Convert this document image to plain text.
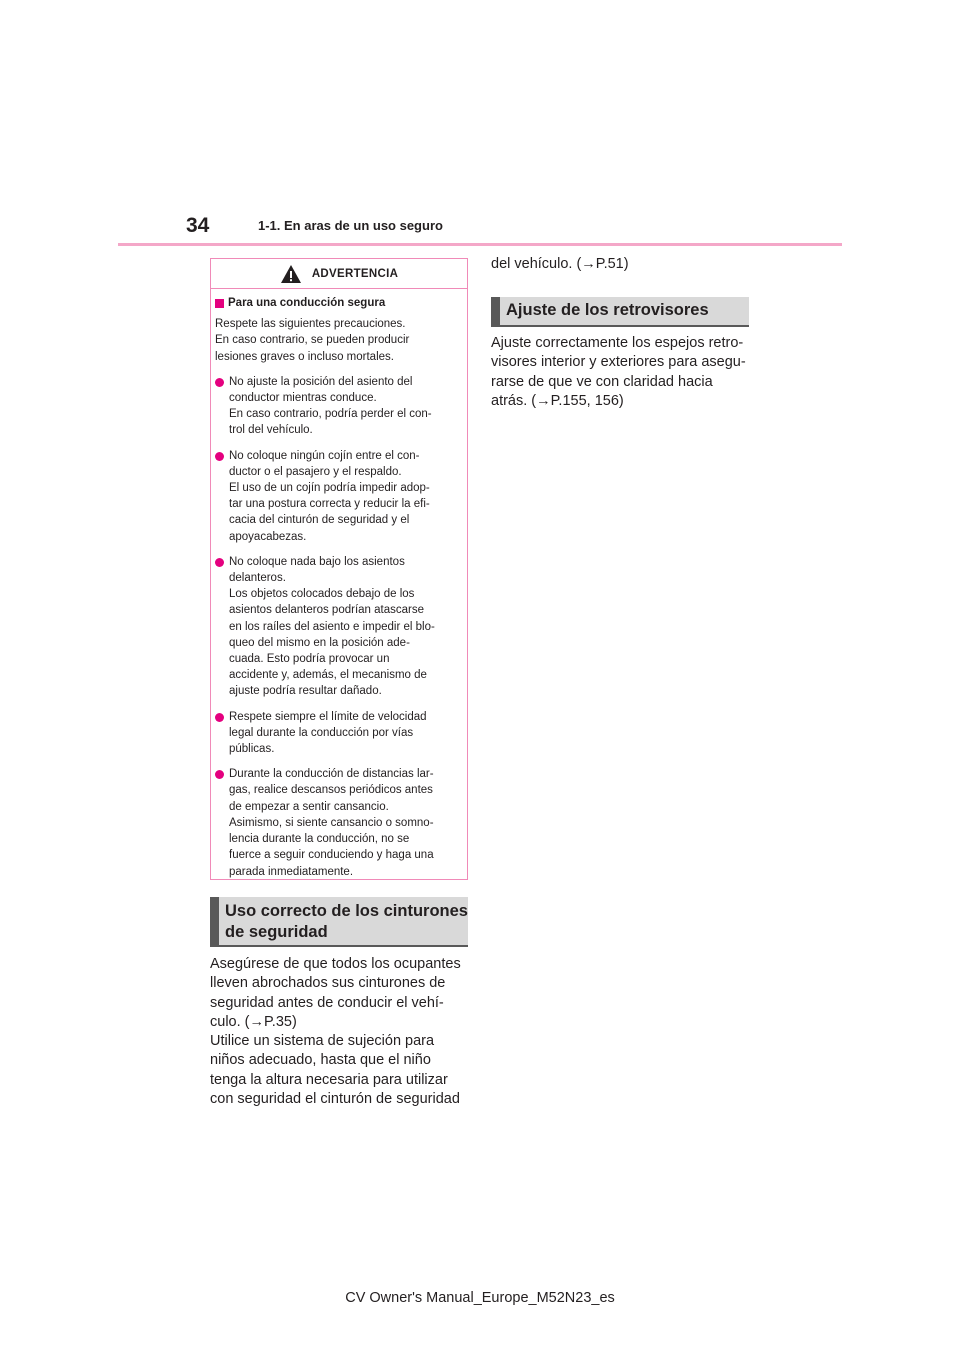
34	1-1. En aras de un uso seguro
ADVERTENCIA
Para una conducción segura
Respete las siguientes precauciones.
En caso contrario, se pueden producir
lesiones graves o incluso mortales.
No ajuste la posición del asiento del
conductor mientras conduce.
En caso contrario, podría perder el con-
trol del vehículo.
No coloque ningún cojín entre el con-
ductor o el pasajero y el respaldo.
El uso de un cojín podría impedir adop-
tar una postura correcta y reducir la efi-
cacia del cinturón de seguridad y el
apoyacabezas.
No coloque nada bajo los asientos
delanteros.
Los objetos colocados debajo de los
asientos delanteros podrían atascarse
en los raíles del asiento e impedir el blo-
queo del mismo en la posición ade-
cuada. Esto podría provocar un
accidente y, además, el mecanismo de
ajuste podría resultar dañado.
Respete siempre el límite de velocidad
legal durante la conducción por vías
públicas.
Durante la conducción de distancias lar-
gas, realice descansos periódicos antes
de empezar a sentir cansancio.
Asimismo, si siente cansancio o somno-
lencia durante la conducción, no se
fuerce a seguir conduciendo y haga una
parada inmediatamente.
Uso correcto de los cinturones
de seguridad
Asegúrese de que todos los ocupantes
lleven abrochados sus cinturones de
seguridad antes de conducir el vehí-
culo. (→P.35)
Utilice un sistema de sujeción para
niños adecuado, hasta que el niño
tenga la altura necesaria para utilizar
con seguridad el cinturón de seguridad
del vehículo. (→P.51)
Ajuste de los retrovisores
Ajuste correctamente los espejos retro-
visores interior y exteriores para asegu-
rarse de que ve con claridad hacia
atrás. (→P.155, 156)
CV Owner's Manual_Europe_M52N23_es
